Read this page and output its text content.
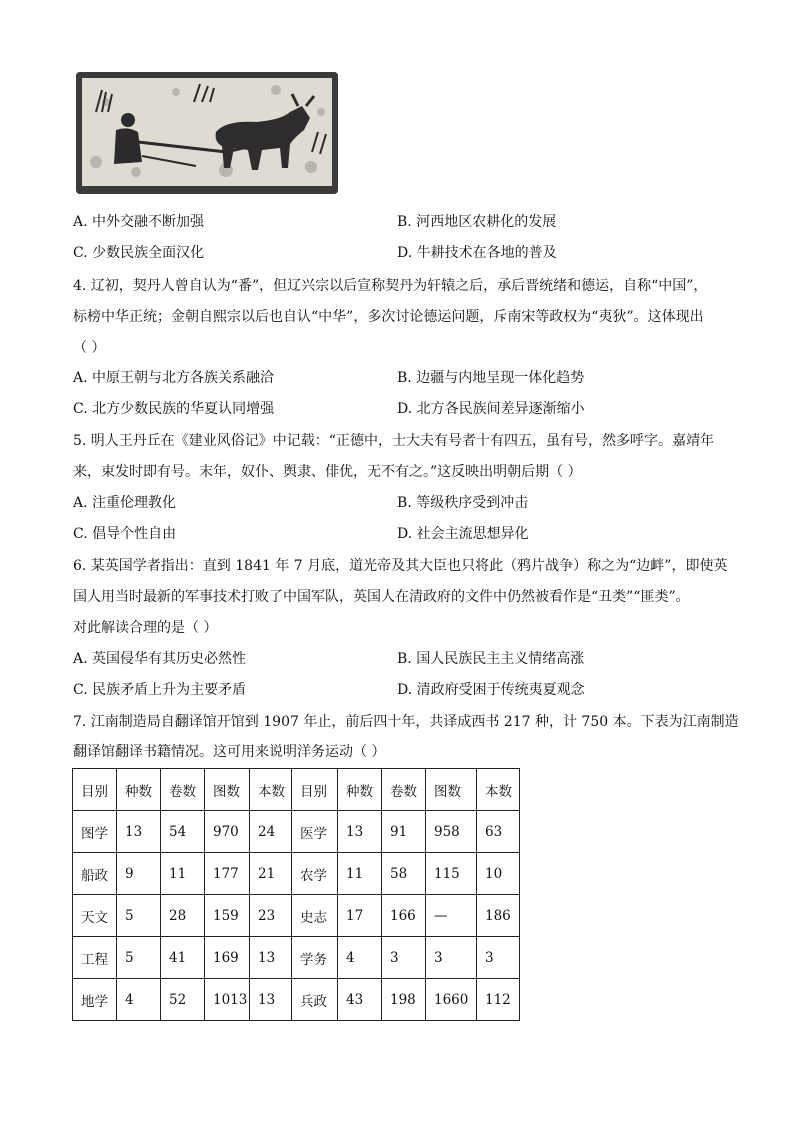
A. 中外交融不断加强	B. 河西地区农耕化的发展
C. 少数民族全面汉化	D. 牛耕技术在各地的普及
4. 辽初，契丹人曾自认为“番”，但辽兴宗以后宣称契丹为轩辕之后，承后晋统绪和德运，自称“中国”，
标榜中华正统；金朝自熙宗以后也自认“中华”，多次讨论德运问题，斥南宋等政权为“夷狄”。这体现出
（ ）
A. 中原王朝与北方各族关系融洽	B. 边疆与内地呈现一体化趋势
C. 北方少数民族的华夏认同增强	D. 北方各民族间差异逐渐缩小
5. 明人王丹丘在《建业风俗记》中记载：“正德中，士大夫有号者十有四五，虽有号，然多呼字。嘉靖年
来，束发时即有号。末年，奴仆、舆隶、俳优，无不有之。”这反映出明朝后期（ ）
A. 注重伦理教化	B. 等级秩序受到冲击
C. 倡导个性自由	D. 社会主流思想异化
6. 某英国学者指出：直到 1841 年 7 月底，道光帝及其大臣也只将此（鸦片战争）称之为“边衅”，即使英
国人用当时最新的军事技术打败了中国军队，英国人在清政府的文件中仍然被看作是“丑类”“匪类”。
对此解读合理的是（ ）
A. 英国侵华有其历史必然性	B. 国人民族民主主义情绪高涨
C. 民族矛盾上升为主要矛盾	D. 清政府受困于传统夷夏观念
7. 江南制造局自翻译馆开馆到 1907 年止，前后四十年，共译成西书 217 种，计 750 本。下表为江南制造
翻译馆翻译书籍情况。这可用来说明洋务运动（ ）
目别	种数	卷数	图数	本数	目别	种数	卷数	图数	本数
图学	13	54	970	24	医学	13	91	958	63
船政	9	11	177	21	农学	11	58	115	10
天文	5	28	159	23	史志	17	166	—	186
工程	5	41	169	13	学务	4	3	3	3
地学	4	52	1013	13	兵政	43	198	1660	112
